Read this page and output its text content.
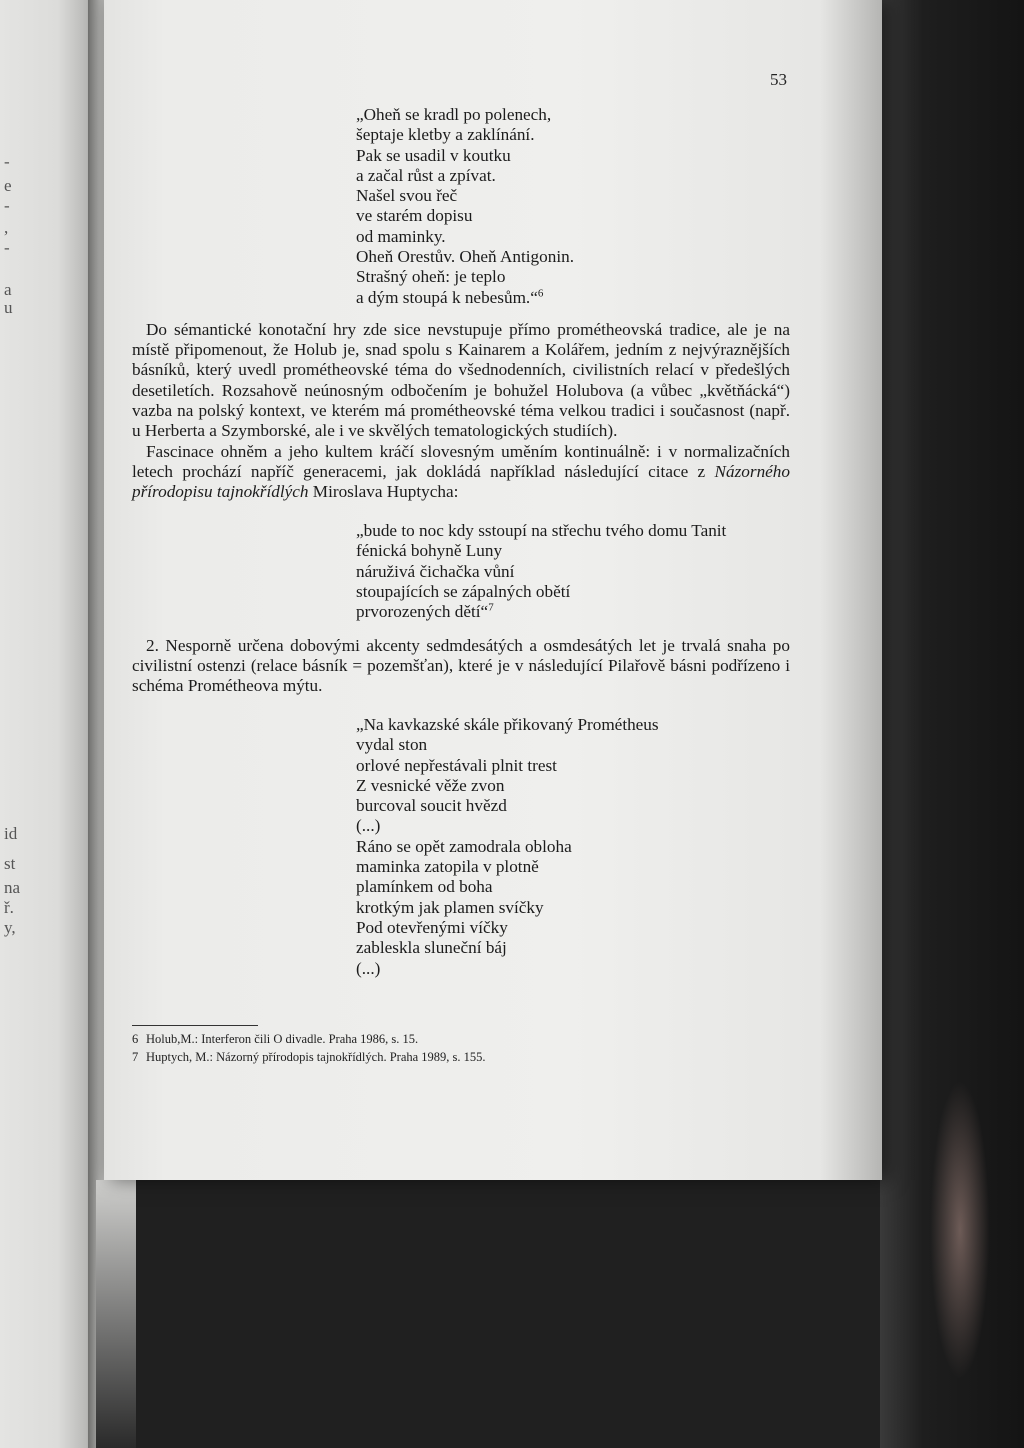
-
e
-
,
-
a
u
id
st
na
ř.
y,
53
„Oheň se kradl po polenech,
šeptaje kletby a zaklínání.
Pak se usadil v koutku
a začal růst a zpívat.
Našel svou řeč
ve starém dopisu
od maminky.
Oheň Orestův. Oheň Antigonin.
Strašný oheň: je teplo
a dým stoupá k nebesům.“$^6$

Do sémantické konotační hry zde sice nevstupuje přímo prométheovská tradice, ale je na místě připomenout, že Holub je, snad spolu s Kainarem a Kolářem, jedním z nejvýraznějších básníků, který uvedl prométheovské téma do všednodenních, civilistních relací v předešlých desetiletích. Rozsahově neúnosným odbočením je bohužel Holubova (a vůbec „květňácká“) vazba na polský kontext, ve kterém má prométheovské téma velkou tradici i současnost (např. u Herberta a Szymborské, ale i ve skvělých tematologických studiích).

Fascinace ohněm a jeho kultem kráčí slovesným uměním kontinuálně: i v normalizačních letech prochází napříč generacemi, jak dokládá například následující citace z Názorného přírodopisu tajnokřídlých Miroslava Huptycha:

„bude to noc kdy sstoupí na střechu tvého domu Tanit
fénická bohyně Luny
náruživá čichačka vůní
stoupajících se zápalných obětí
prvorozených dětí“$^7$

2. Nesporně určena dobovými akcenty sedmdesátých a osmdesátých let je trvalá snaha po civilistní ostenzi (relace básník = pozemšťan), které je v následující Pilařově básni podřízeno i schéma Prométheova mýtu.

„Na kavkazské skále přikovaný Prométheus
vydal ston
orlové nepřestávali plnit trest
Z vesnické věže zvon
burcoval soucit hvězd
(...)
Ráno se opět zamodrala obloha
maminka zatopila v plotně
plamínkem od boha
krotkým jak plamen svíčky
Pod otevřenými víčky
zableskla sluneční báj
(...)
6 Holub,M.: Interferon čili O divadle. Praha 1986, s. 15.
7 Huptych, M.: Názorný přírodopis tajnokřídlých. Praha 1989, s. 155.
